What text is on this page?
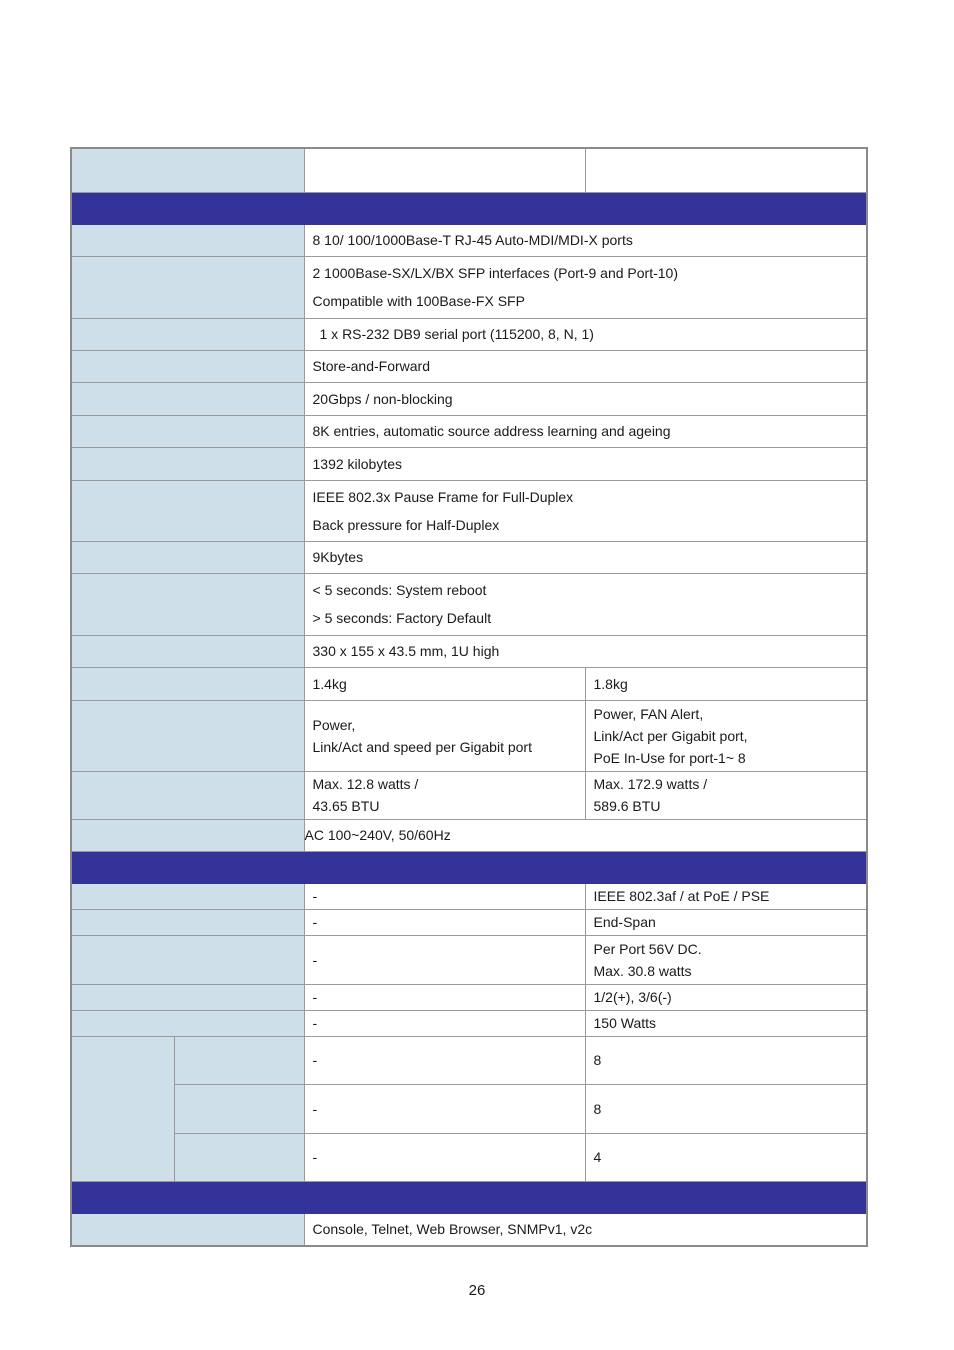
		8 10/ 100/1000Base-T RJ-45 Auto-MDI/MDI-X ports	

		2 1000Base-SX/LX/BX SFP interfaces (Port-9 and Port-10)
Compatible with 100Base-FX SFP	

		1 x RS-232 DB9 serial port (115200, 8, N, 1)	
		Store-and-Forward	
		20Gbps / non-blocking	
		8K entries, automatic source address learning and ageing	
		1392 kilobytes	

		IEEE 802.3x Pause Frame for Full-Duplex
Back pressure for Half-Duplex	

		9Kbytes	

		< 5 seconds: System reboot
> 5 seconds: Factory Default	

		330 x 155 x 43.5 mm, 1U high	
		1.4kg	1.8kg

		Power,
Link/Act and speed per Gigabit port	Power, FAN Alert,
Link/Act per Gigabit port,
PoE In-Use for port-1~ 8

		Max. 12.8 watts /
43.65 BTU	Max. 172.9 watts /
589.6 BTU

		AC 100~240V, 50/60Hz	

		-	IEEE 802.3af / at PoE / PSE
		-	End-Span
		-	Per Port 56V DC.
Max. 30.8 watts

		-	1/2(+), 3/6(-)
		-	150 Watts
		-	8
		-	8
		-	4

		Console, Telnet, Web Browser, SNMPv1, v2c	
26
